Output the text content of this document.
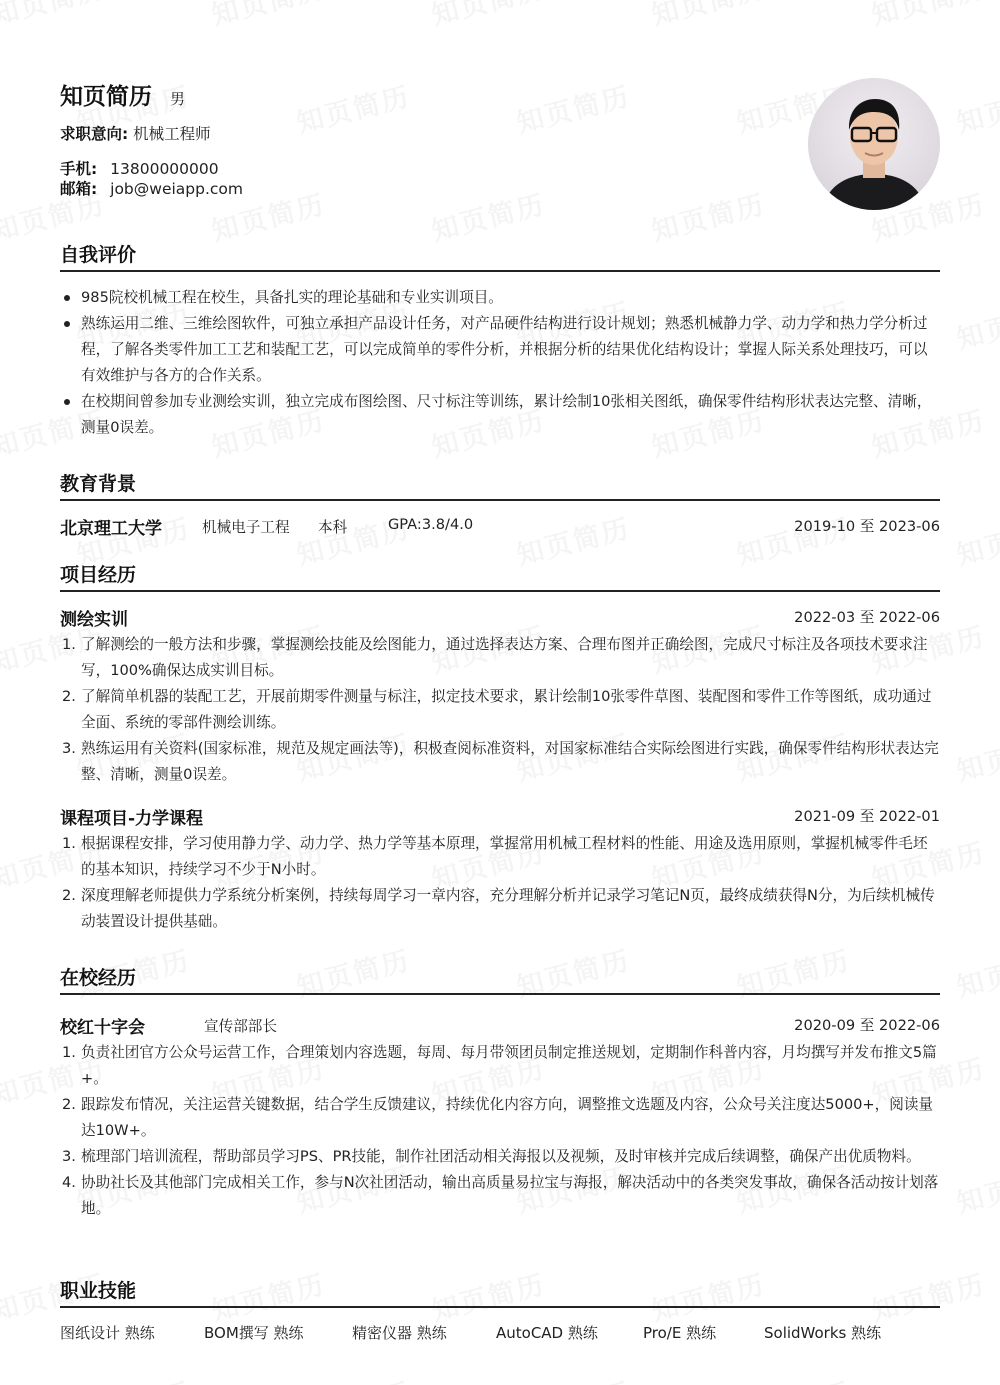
知页简历 男
求职意向: 机械工程师
手机: 13800000000
邮箱: job@weiapp.com
自我评价
985院校机械工程在校生，具备扎实的理论基础和专业实训项目。
熟练运用二维、三维绘图软件，可独立承担产品设计任务，对产品硬件结构进行设计规划；熟悉机械静力学、动力学和热力学分析过程，了解各类零件加工工艺和装配工艺，可以完成简单的零件分析，并根据分析的结果优化结构设计；掌握人际关系处理技巧，可以有效维护与各方的合作关系。
在校期间曾参加专业测绘实训，独立完成布图绘图、尺寸标注等训练，累计绘制10张相关图纸，确保零件结构形状表达完整、清晰，测量0误差。
教育背景
北京理工大学	机械电子工程 本科	GPA:3.8/4.0	2019-10 至 2023-06
项目经历
测绘实训	2022-03 至 2022-06
1. 了解测绘的一般方法和步骤，掌握测绘技能及绘图能力，通过选择表达方案、合理布图并正确绘图，完成尺寸标注及各项技术要求注写，100%确保达成实训目标。
2. 了解简单机器的装配工艺，开展前期零件测量与标注，拟定技术要求，累计绘制10张零件草图、装配图和零件工作等图纸，成功通过全面、系统的零部件测绘训练。
3. 熟练运用有关资料(国家标准，规范及规定画法等)，积极查阅标准资料，对国家标准结合实际绘图进行实践，确保零件结构形状表达完整、清晰，测量0误差。
课程项目-力学课程	2021-09 至 2022-01
1. 根据课程安排，学习使用静力学、动力学、热力学等基本原理，掌握常用机械工程材料的性能、用途及选用原则，掌握机械零件毛坯的基本知识，持续学习不少于N小时。
2. 深度理解老师提供力学系统分析案例，持续每周学习一章内容，充分理解分析并记录学习笔记N页，最终成绩获得N分，为后续机械传动装置设计提供基础。
在校经历
校红十字会	宣传部部长	2020-09 至 2022-06
1. 负责社团官方公众号运营工作，合理策划内容选题，每周、每月带领团员制定推送规划，定期制作科普内容，月均撰写并发布推文5篇+。
2. 跟踪发布情况，关注运营关键数据，结合学生反馈建议，持续优化内容方向，调整推文选题及内容，公众号关注度达5000+，阅读量达10W+。
3. 梳理部门培训流程，帮助部员学习PS、PR技能，制作社团活动相关海报以及视频，及时审核并完成后续调整，确保产出优质物料。
4. 协助社长及其他部门完成相关工作，参与N次社团活动，输出高质量易拉宝与海报，解决活动中的各类突发事故，确保各活动按计划落地。
职业技能
图纸设计 熟练	BOM撰写 熟练	精密仪器 熟练	AutoCAD 熟练	Pro/E 熟练	SolidWorks 熟练
